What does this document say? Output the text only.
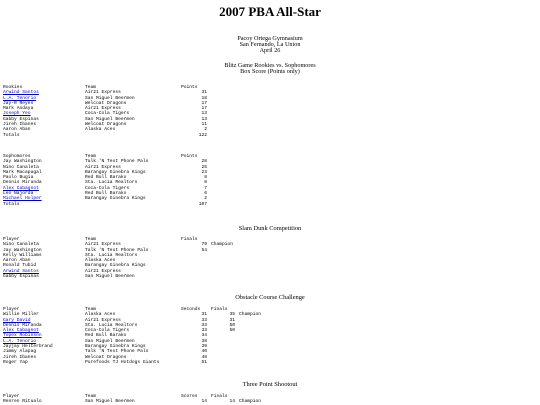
2007 PBA All-Star
Pacoy Ortega Gymnasium
San Fernando, La Union
April 26
Blitz Game Rookies vs. Sophomores
Box Score (Points only)
Rookies	Team	Points
Arwind Santos	Air21 Express	31
L.A. Tenorio	San Miguel Beermen	18
Jay-R Reyes	Welcoat Dragons	17
Mark Andaya	Air21 Express	17
Joseph Yeo	Coca-Cola Tigers	13
Gabby Espinas	San Miguel Beermen	13
Jireh Ibanes	Welcoat Dragons	11
Aaron Aban	Alaska Aces	2
Totals		122
Sophomores	Team	Points
Jay Washington	Talk 'N Text Phone Pals	28
Nino Canaleta	Air21 Express	25
Mark Macapagal	Barangay Ginebra Kings	23
Paolo Bugia	Red Bull Barako	8
Dennis Miranda	Sta. Lucia Realtors	8
Alex Cabagnot	Coca-Cola Tigers	7
Leo Najorda	Red Bull Barako	6
Michael Holper	Barangay Ginebra Kings	2
Totals		107
Slam Dunk Competition
Player	Team	Finals	
Nino Canaleta	Air21 Express	79	Champion
Jay Washington	Talk 'N Text Phone Pals	54	
Kelly Williams	Sta. Lucia Realtors		
Aaron Aban	Alaska Aces		
Ronald Tubid	Barangay Ginebra Kings		
Arwind Santos	Air21 Express		
Gabby Espinas	San Miguel Beermen		
Obstacle Course Challenge
Player	Team	Seconds	Finals	
Willie Miller	Alaska Aces	31	35	Champion
Gary David	Air21 Express	33	31	
Dennis Miranda	Sta. Lucia Realtors	33	50	
Alex Cabagnot	Coca-Cola Tigers	33	50	
Topex Robinson	Red Bull Barako	34		
L.A. Tenorio	San Miguel Beermen	38		
Jayjay Helterbrand	Barangay Ginebra Kings	39		
Jimmy Alapag	Talk 'N Text Phone Pals	40		
Jireh Ibanes	Welcoat Dragons	48		
Roger Yap	Purefoods TJ Hotdogs Giants	51		
Three Point Shootout
Player	Team	Scores	Finals	
Renren Ritualo	San Miguel Beermen	14	14	Champion
